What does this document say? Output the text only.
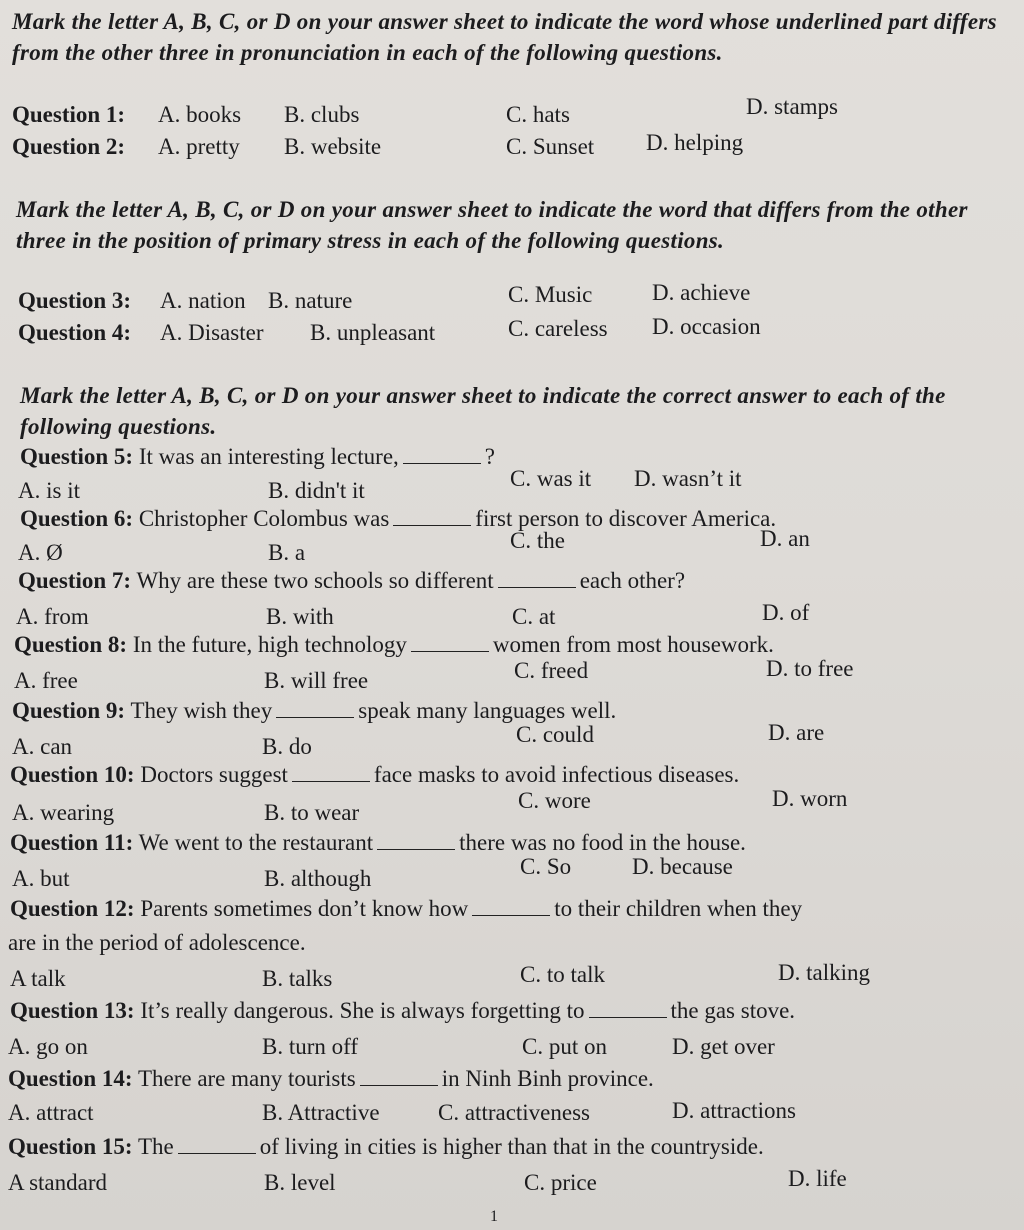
Mark the letter A, B, C, or D on your answer sheet to indicate the word whose underlined part differs from the other three in pronunciation in each of the following questions.
Question 1: A. books B. clubs	C. hats	D. stamps
Question 2: A. pretty B. website	C. Sunset D. helping
Mark the letter A, B, C, or D on your answer sheet to indicate the word that differs from the other three in the position of primary stress in each of the following questions.
Question 3: A. nation B. nature	C. Music	D. achieve
Question 4: A. Disaster B. unpleasant	C. careless D. occasion
Mark the letter A, B, C, or D on your answer sheet to indicate the correct answer to each of the following questions.
Question 5: It was an interesting lecture,	?
A. is it	B. didn't it	C. was it D. wasn’t it
Question 6: Christopher Colombus was	first person to discover America.
A. Ø	B. a	C. the	D. an
Question 7: Why are these two schools so different	each other?
A. from	B. with	C. at	D. of
Question 8: In the future, high technology	women from most housework.
A. free	B. will free	C. freed	D. to free
Question 9: They wish they	speak many languages well.
A. can	B. do	C. could	D. are
Question 10: Doctors suggest	face masks to avoid infectious diseases.
A. wearing	B. to wear	C. wore	D. worn
Question 11: We went to the restaurant	there was no food in the house.
A. but	B. although	C. So	D. because
Question 12: Parents sometimes don’t know how	to their children when they
are in the period of adolescence.
A talk	B. talks	C. to talk	D. talking
Question 13: It’s really dangerous. She is always forgetting to	the gas stove.
A. go on	B. turn off	C. put on	D. get over
Question 14: There are many tourists	in Ninh Binh province.
A. attract	B. Attractive	C. attractiveness	D. attractions
Question 15: The	of living in cities is higher than that in the countryside.
A standard	B. level	C. price	D. life
1
